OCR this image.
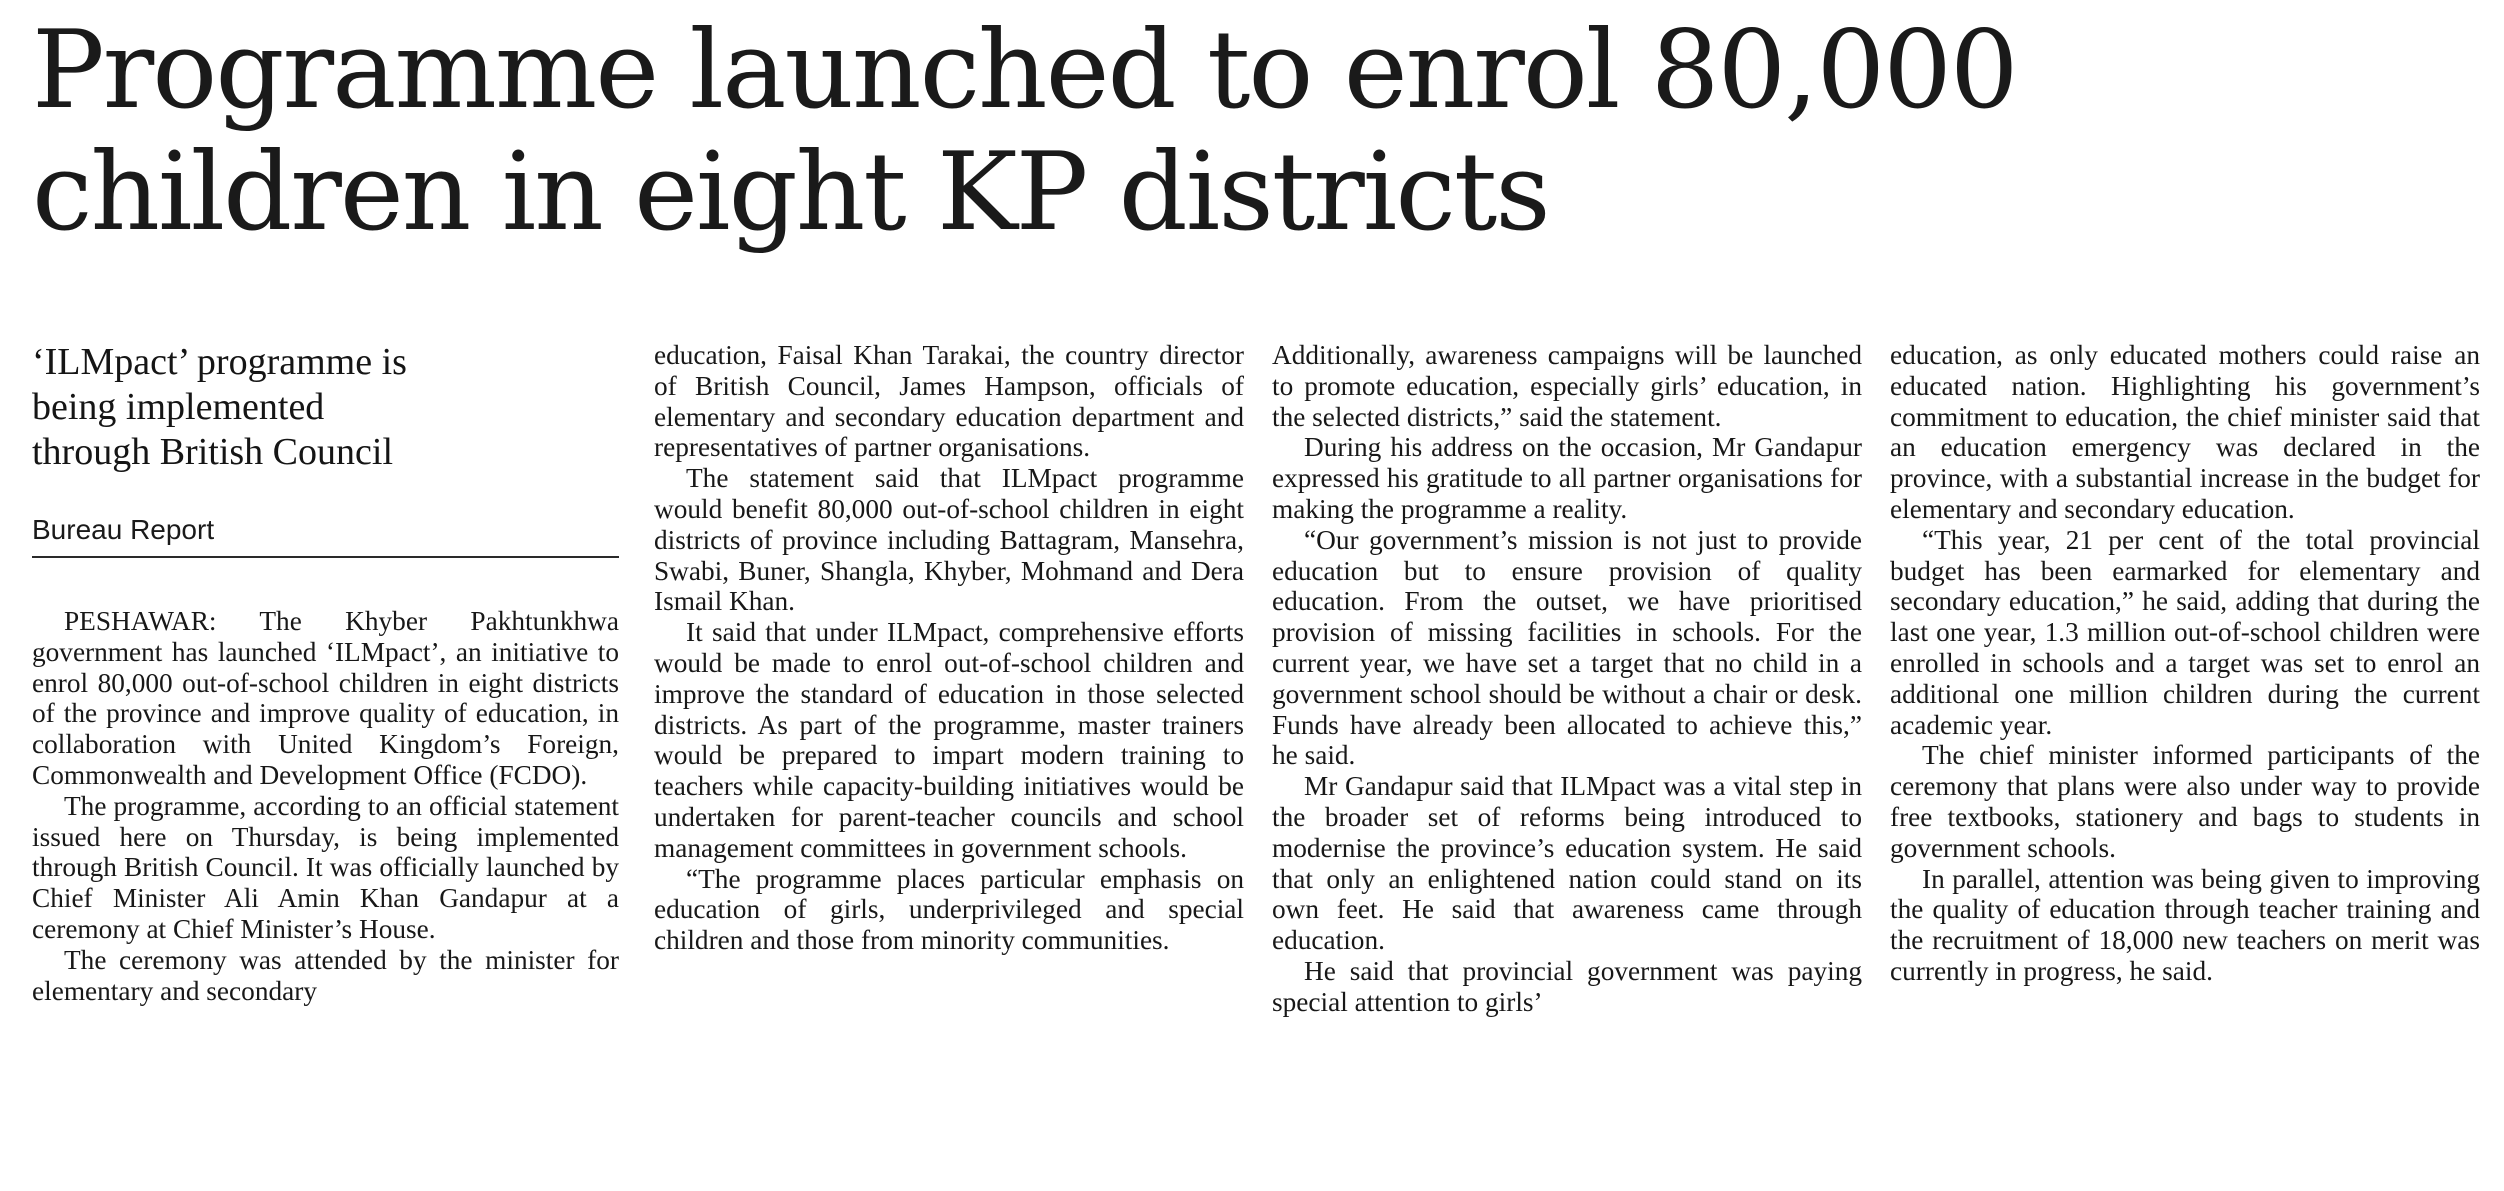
Programme launched to enrol 80,000
children in eight KP districts
‘ILMpact’ programme is
being implemented
through British Council
Bureau Report

PESHAWAR: The Khyber Pakhtunkhwa government has launched ‘ILMpact’, an initiative to enrol 80,000 out-of-school children in eight districts of the province and improve quality of education, in collaboration with United Kingdom’s Foreign, Commonwealth and Development Office (FCDO).

The programme, according to an official statement issued here on Thursday, is being implemented through British Council. It was officially launched by Chief Minister Ali Amin Khan Gandapur at a ceremony at Chief Minister’s House.

The ceremony was attended by the minister for elementary and secondary

education, Faisal Khan Tarakai, the country director of British Council, James Hampson, officials of elementary and secondary education department and representatives of partner organisations.

The statement said that ILMpact programme would benefit 80,000 out-of-school children in eight districts of province including Battagram, Mansehra, Swabi, Buner, Shangla, Khyber, Mohmand and Dera Ismail Khan.

It said that under ILMpact, comprehensive efforts would be made to enrol out-of-school children and improve the standard of education in those selected districts. As part of the programme, master trainers would be prepared to impart modern training to teachers while capacity-building initiatives would be undertaken for parent-teacher councils and school management committees in government schools.

“The programme places particular emphasis on education of girls, underprivileged and special children and those from minority communities.

Additionally, awareness campaigns will be launched to promote education, especially girls’ education, in the selected districts,” said the statement.

During his address on the occasion, Mr Gandapur expressed his gratitude to all partner organisations for making the programme a reality.

“Our government’s mission is not just to provide education but to ensure provision of quality education. From the outset, we have prioritised provision of missing facilities in schools. For the current year, we have set a target that no child in a government school should be without a chair or desk. Funds have already been allocated to achieve this,” he said.

Mr Gandapur said that ILMpact was a vital step in the broader set of reforms being introduced to modernise the province’s education system. He said that only an enlightened nation could stand on its own feet. He said that awareness came through education.

He said that provincial government was paying special attention to girls’

education, as only educated mothers could raise an educated nation. Highlighting his government’s commitment to education, the chief minister said that an education emergency was declared in the province, with a substantial increase in the budget for elementary and secondary education.

“This year, 21 per cent of the total provincial budget has been earmarked for elementary and secondary education,” he said, adding that during the last one year, 1.3 million out-of-school children were enrolled in schools and a target was set to enrol an additional one million children during the current academic year.

The chief minister informed participants of the ceremony that plans were also under way to provide free textbooks, stationery and bags to students in government schools.

In parallel, attention was being given to improving the quality of education through teacher training and the recruitment of 18,000 new teachers on merit was currently in progress, he said.
